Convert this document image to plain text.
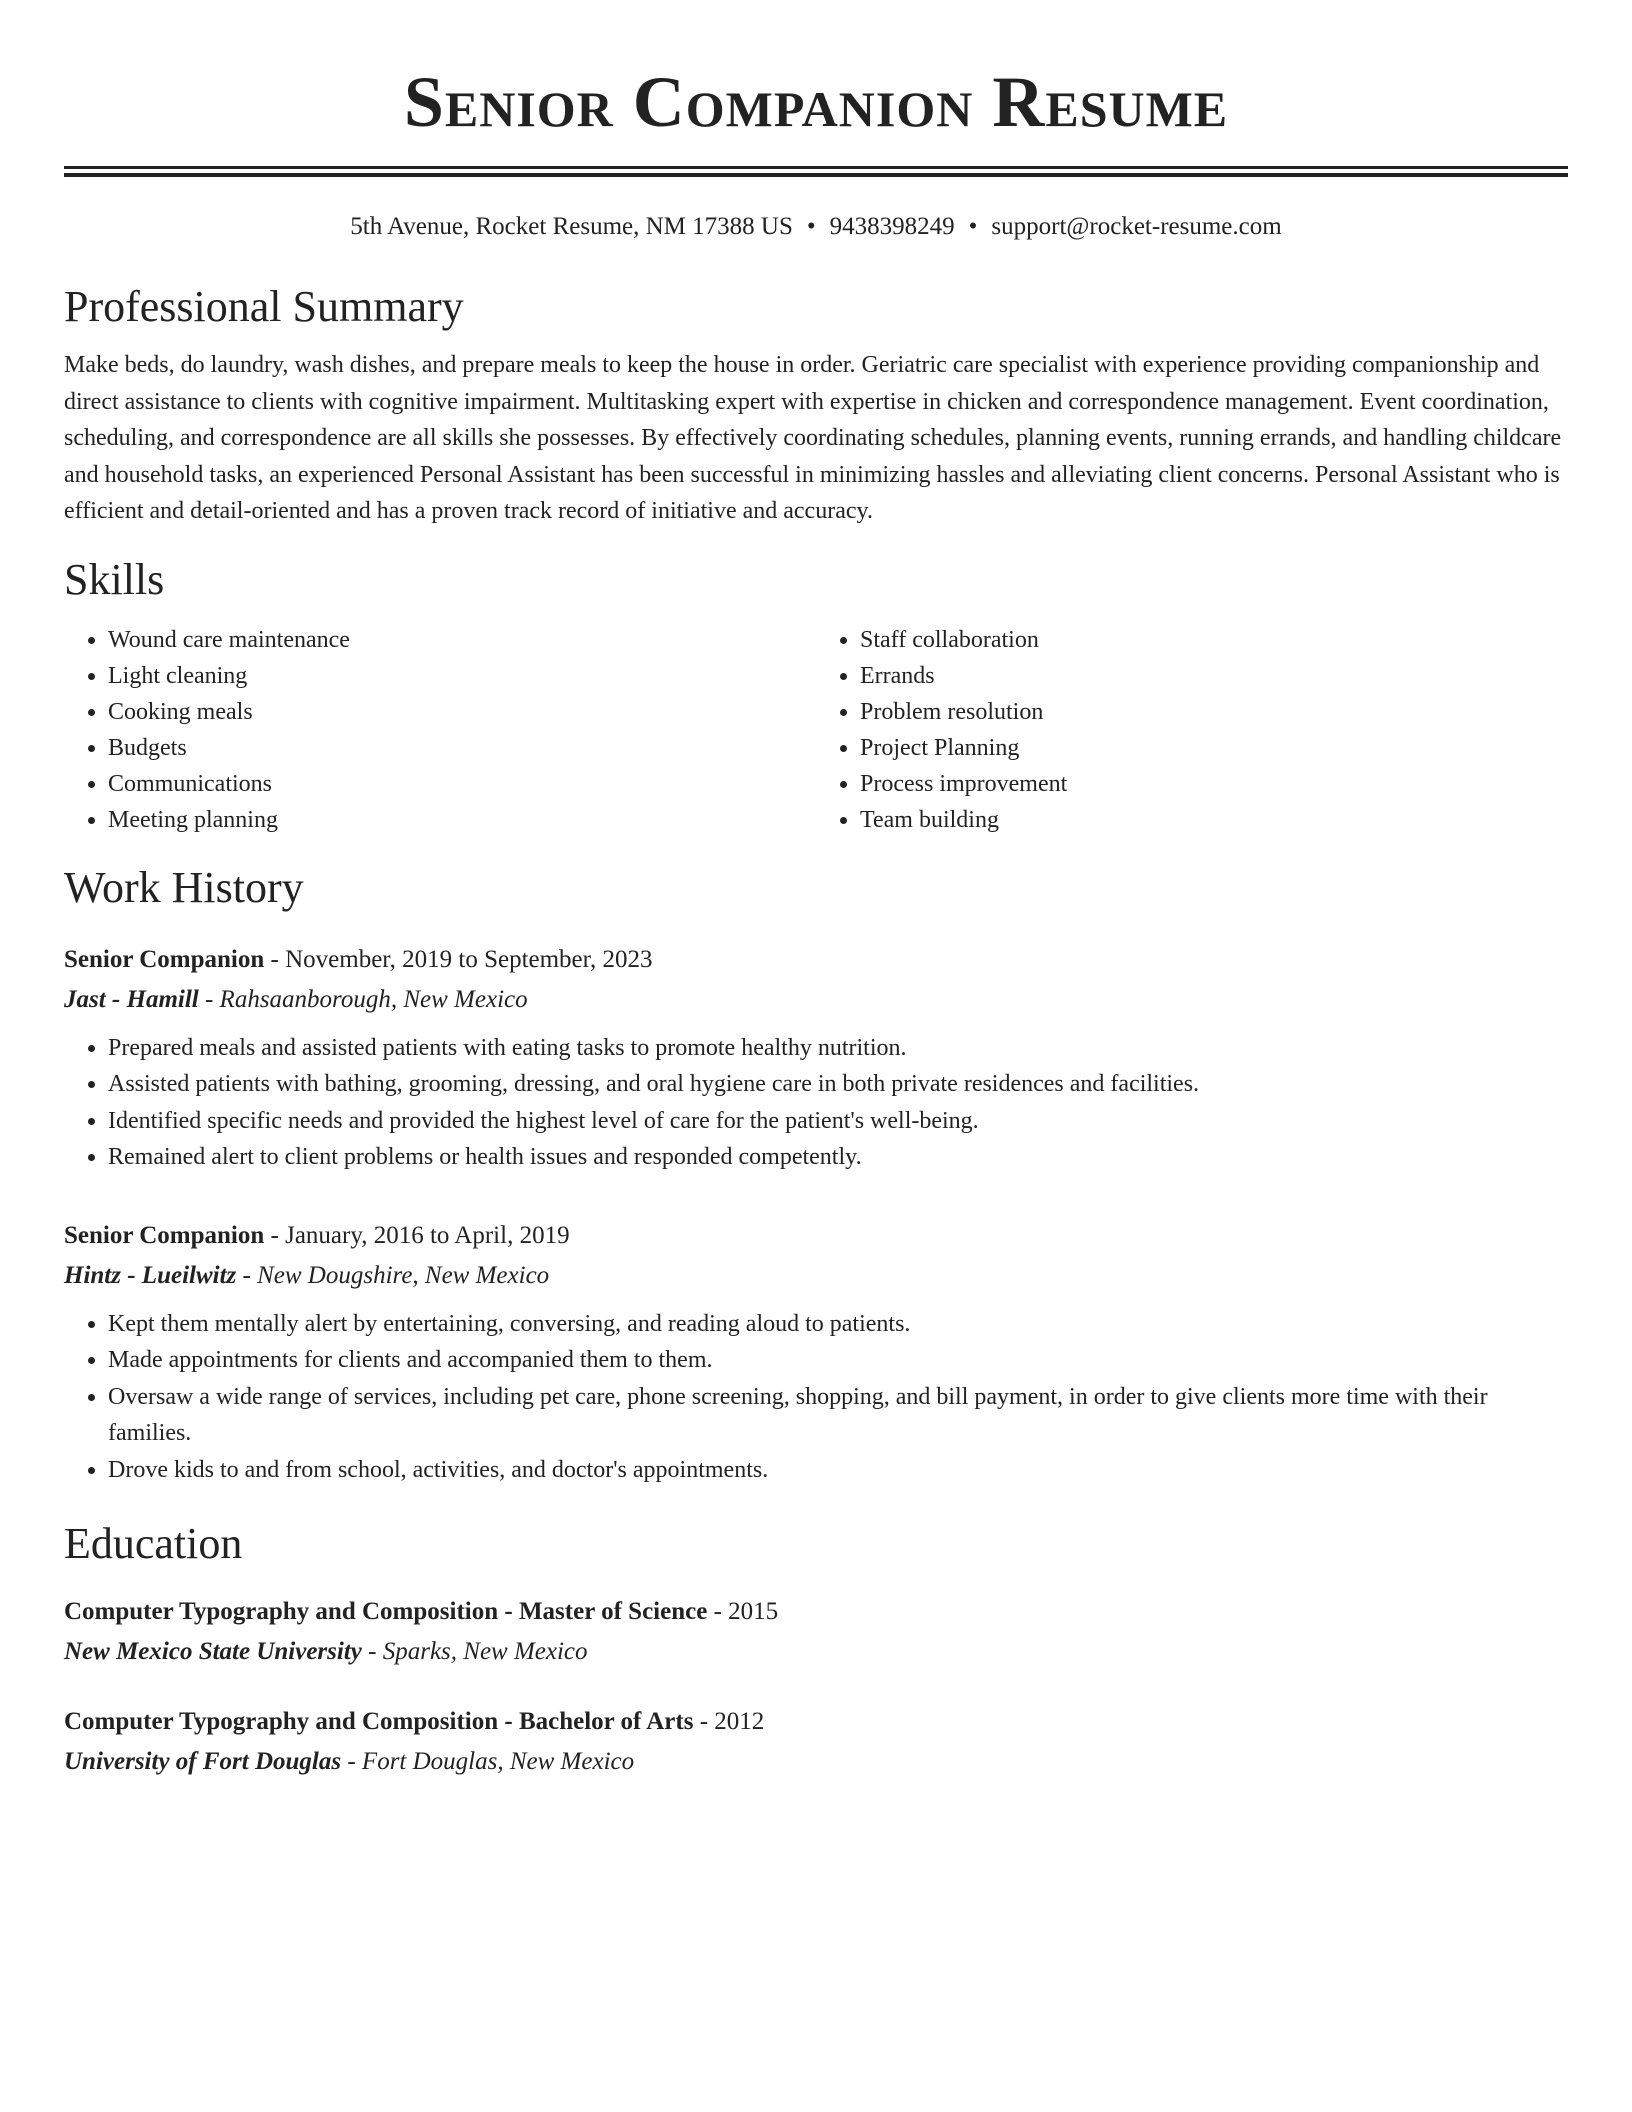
Senior Companion Resume
5th Avenue, Rocket Resume, NM 17388 US • 9438398249 • support@rocket-resume.com
Professional Summary

Make beds, do laundry, wash dishes, and prepare meals to keep the house in order. Geriatric care specialist with experience providing companionship and direct assistance to clients with cognitive impairment. Multitasking expert with expertise in chicken and correspondence management. Event coordination, scheduling, and correspondence are all skills she possesses. By effectively coordinating schedules, planning events, running errands, and handling childcare and household tasks, an experienced Personal Assistant has been successful in minimizing hassles and alleviating client concerns. Personal Assistant who is efficient and detail-oriented and has a proven track record of initiative and accuracy.

Skills
• Wound care maintenance
• Light cleaning
• Cooking meals
• Budgets
• Communications
• Meeting planning
• Staff collaboration
• Errands
• Problem resolution
• Project Planning
• Process improvement
• Team building
Work History
Senior Companion - November, 2019 to September, 2023
Jast - Hamill - Rahsaanborough, New Mexico
• Prepared meals and assisted patients with eating tasks to promote healthy nutrition.
• Assisted patients with bathing, grooming, dressing, and oral hygiene care in both private residences and facilities.
• Identified specific needs and provided the highest level of care for the patient's well-being.
• Remained alert to client problems or health issues and responded competently.
Senior Companion - January, 2016 to April, 2019
Hintz - Lueilwitz - New Dougshire, New Mexico
• Kept them mentally alert by entertaining, conversing, and reading aloud to patients.
• Made appointments for clients and accompanied them to them.
• Oversaw a wide range of services, including pet care, phone screening, shopping, and bill payment, in order to give clients more time with their families.
• Drove kids to and from school, activities, and doctor's appointments.
Education
Computer Typography and Composition - Master of Science - 2015
New Mexico State University - Sparks, New Mexico
Computer Typography and Composition - Bachelor of Arts - 2012
University of Fort Douglas - Fort Douglas, New Mexico
